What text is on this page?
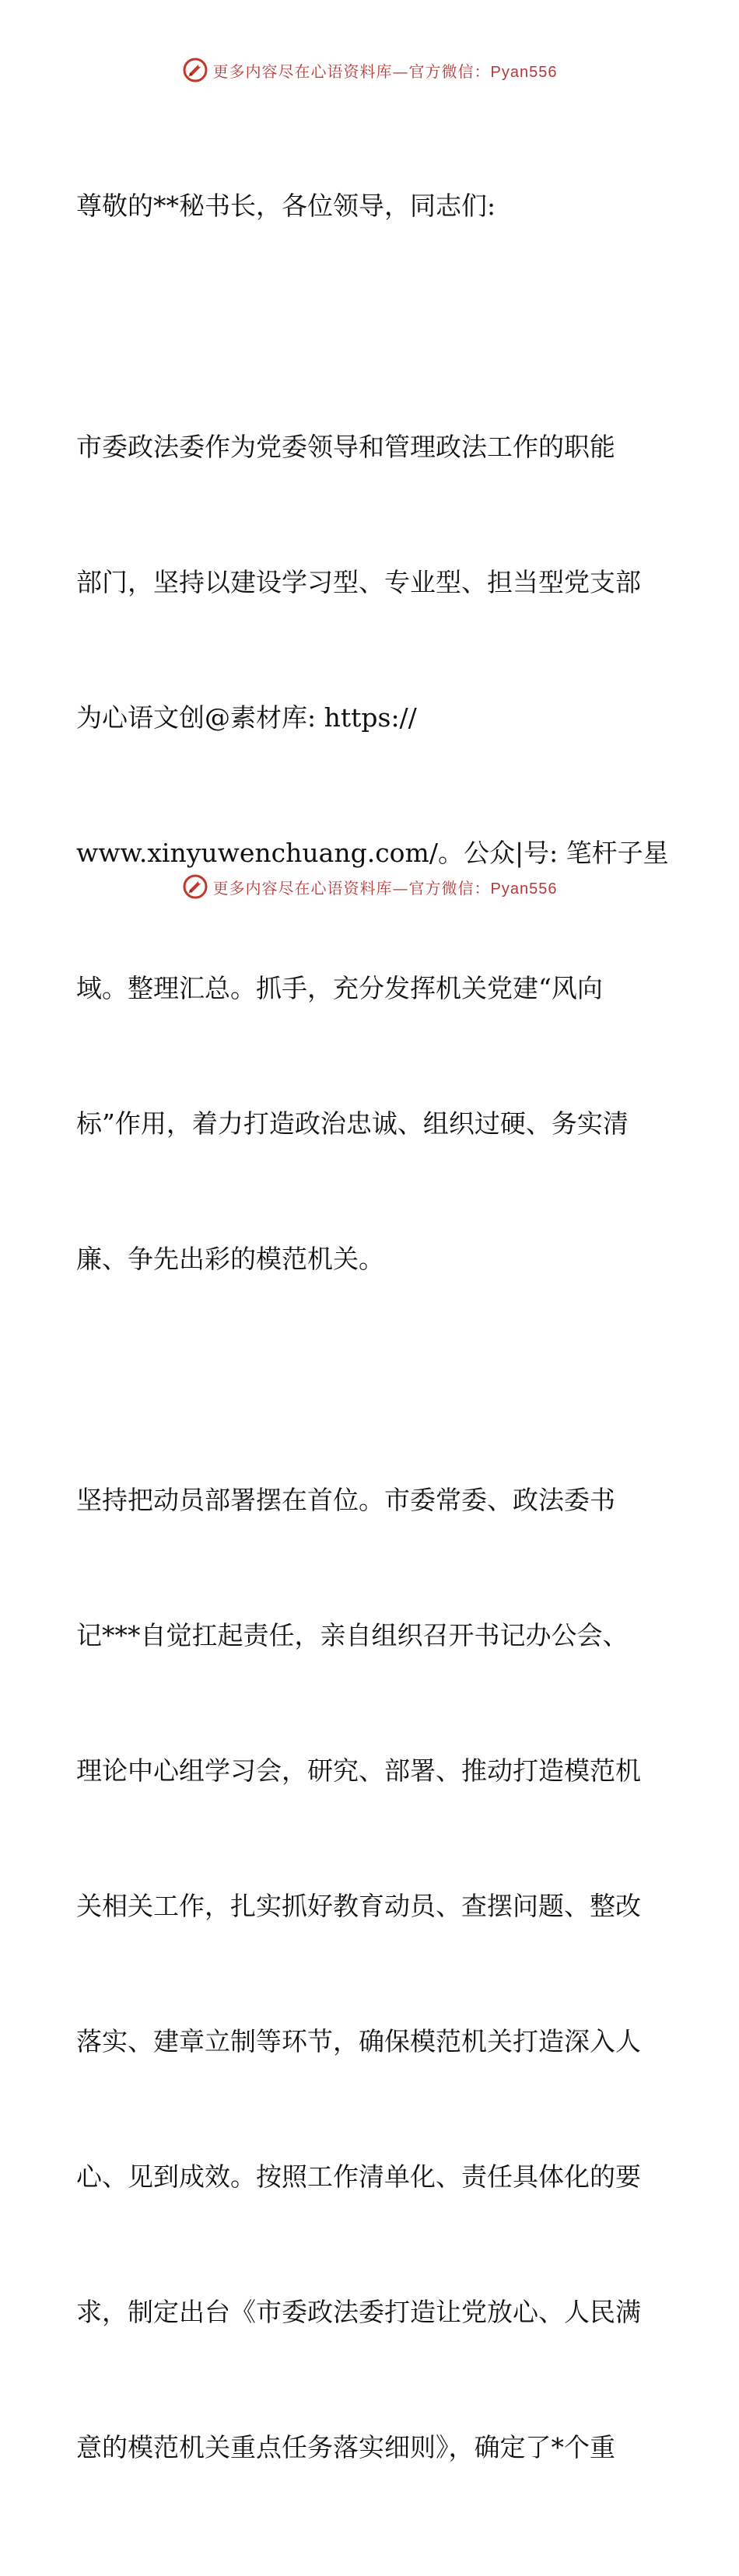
更多内容尽在心语资料库—官方微信：Pyan556

尊敬的**秘书长，各位领导，同志们:

市委政法委作为党委领导和管理政法工作的职能

部门，坚持以建设学习型、专业型、担当型党支部

为心语文创@素材库: https://

www.xinyuwenchuang.com/。公众|号: 笔杆子星

域。整理汇总。抓手，充分发挥机关党建“风向

标”作用，着力打造政治忠诚、组织过硬、务实清

廉、争先出彩的模范机关。

坚持把动员部署摆在首位。市委常委、政法委书

记***自觉扛起责任，亲自组织召开书记办公会、

理论中心组学习会，研究、部署、推动打造模范机

关相关工作，扎实抓好教育动员、查摆问题、整改

落实、建章立制等环节，确保模范机关打造深入人

心、见到成效。按照工作清单化、责任具体化的要

求，制定出台《市委政法委打造让党放心、人民满

意的模范机关重点任务落实细则》，确定了*个重

更多内容尽在心语资料库—官方微信：Pyan556
